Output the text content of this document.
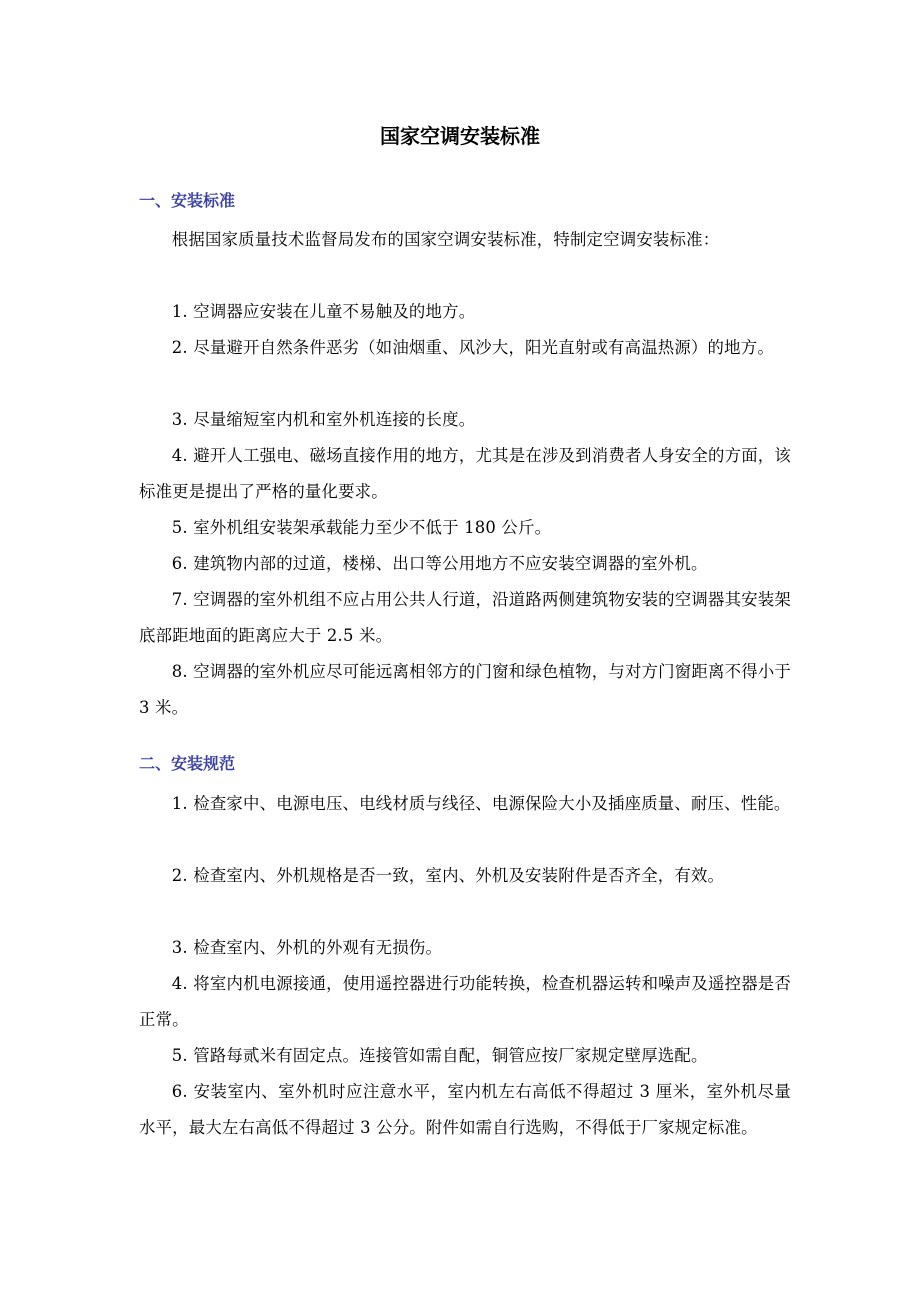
国家空调安装标准
一、安装标准
根据国家质量技术监督局发布的国家空调安装标准，特制定空调安装标准：
1. 空调器应安装在儿童不易触及的地方。
2. 尽量避开自然条件恶劣（如油烟重、风沙大，阳光直射或有高温热源）的地方。
3. 尽量缩短室内机和室外机连接的长度。
4. 避开人工强电、磁场直接作用的地方，尤其是在涉及到消费者人身安全的方面，该标准更是提出了严格的量化要求。
5. 室外机组安装架承载能力至少不低于 180 公斤。
6. 建筑物内部的过道，楼梯、出口等公用地方不应安装空调器的室外机。
7. 空调器的室外机组不应占用公共人行道，沿道路两侧建筑物安装的空调器其安装架底部距地面的距离应大于 2.5 米。
8. 空调器的室外机应尽可能远离相邻方的门窗和绿色植物，与对方门窗距离不得小于 3 米。
二、安装规范
1. 检查家中、电源电压、电线材质与线径、电源保险大小及插座质量、耐压、性能。
2. 检查室内、外机规格是否一致，室内、外机及安装附件是否齐全，有效。
3. 检查室内、外机的外观有无损伤。
4. 将室内机电源接通，使用遥控器进行功能转换，检查机器运转和噪声及遥控器是否正常。
5. 管路每贰米有固定点。连接管如需自配，铜管应按厂家规定壁厚选配。
6. 安装室内、室外机时应注意水平，室内机左右高低不得超过 3 厘米，室外机尽量水平，最大左右高低不得超过 3 公分。附件如需自行选购，不得低于厂家规定标准。
